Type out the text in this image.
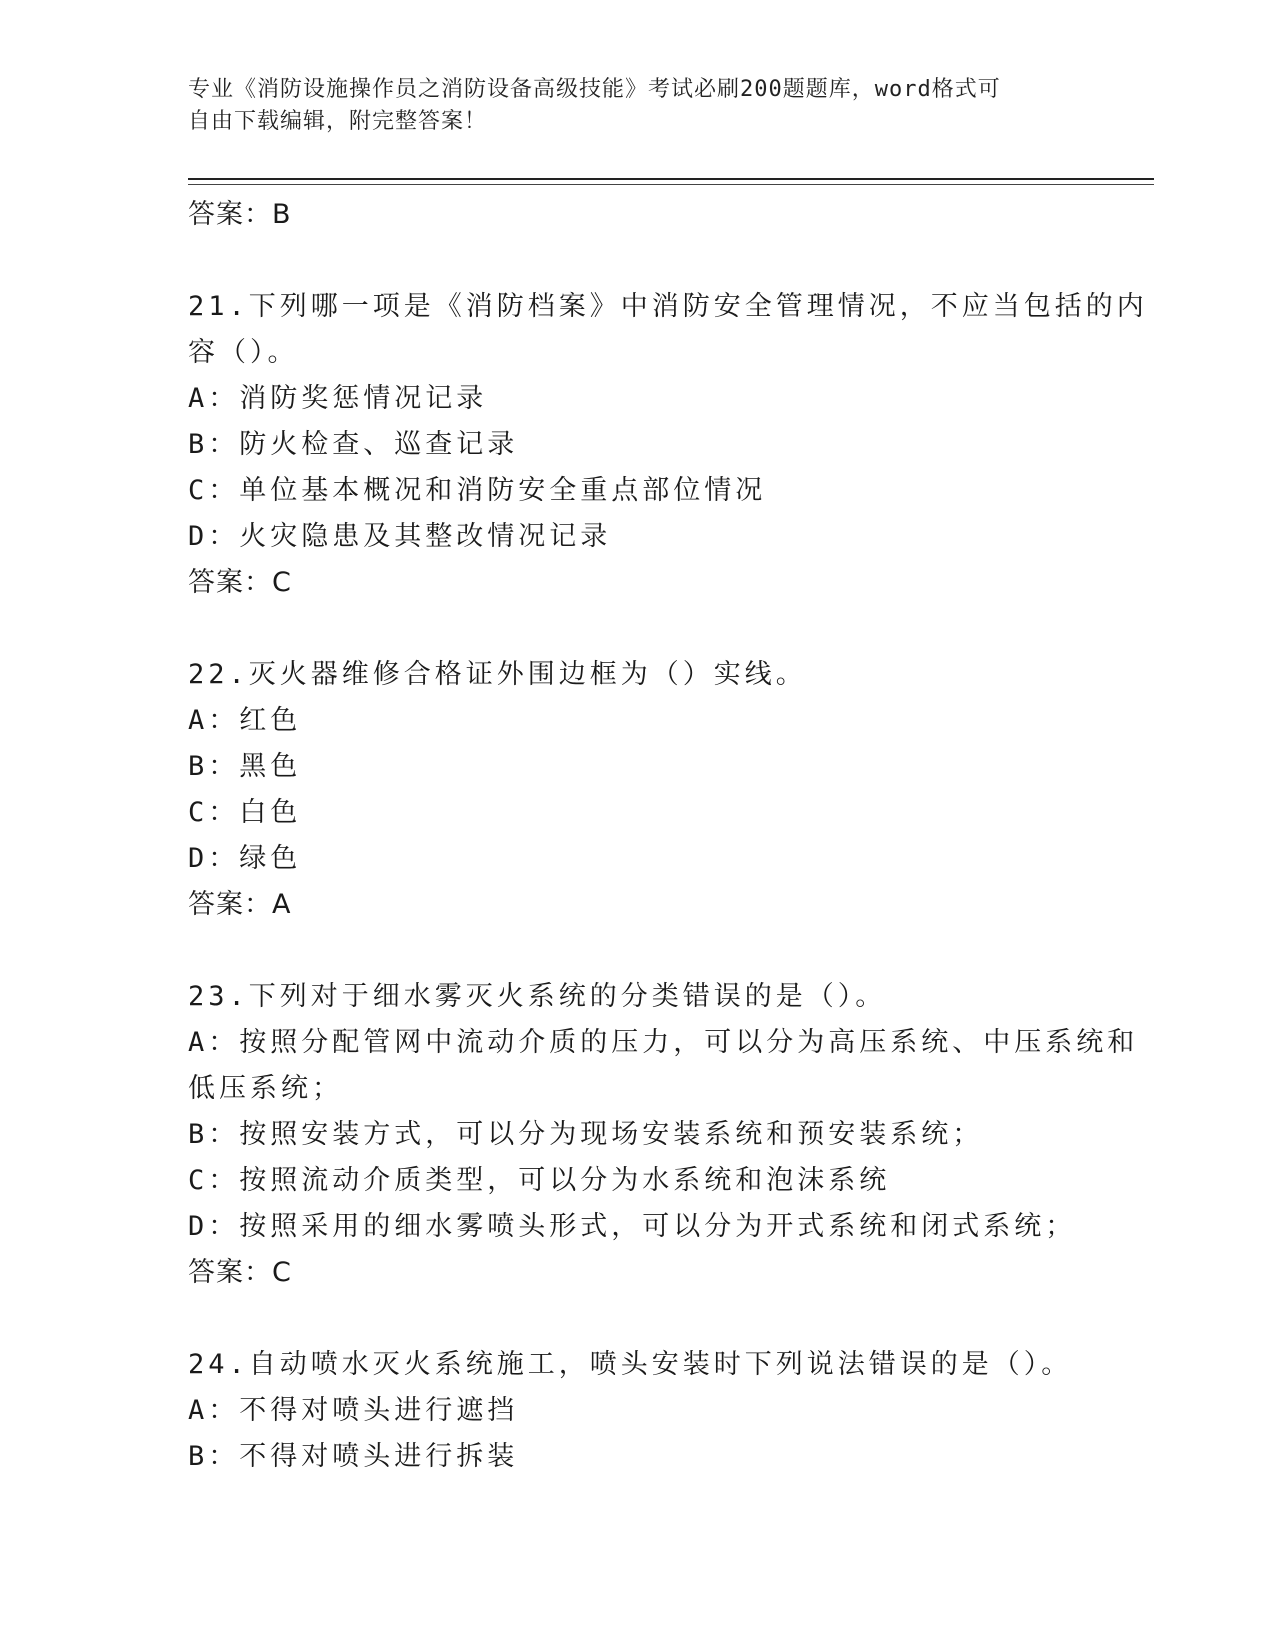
专业《消防设施操作员之消防设备高级技能》考试必刷200题题库，word格式可
自由下载编辑，附完整答案！
答案：B
21.下列哪一项是《消防档案》中消防安全管理情况，不应当包括的内
容（）。
A：消防奖惩情况记录
B：防火检查、巡查记录
C：单位基本概况和消防安全重点部位情况
D：火灾隐患及其整改情况记录
答案：C
22.灭火器维修合格证外围边框为（）实线。
A：红色
B：黑色
C：白色
D：绿色
答案：A
23.下列对于细水雾灭火系统的分类错误的是（）。
A：按照分配管网中流动介质的压力，可以分为高压系统、中压系统和
低压系统；
B：按照安装方式，可以分为现场安装系统和预安装系统；
C：按照流动介质类型，可以分为水系统和泡沫系统
D：按照采用的细水雾喷头形式，可以分为开式系统和闭式系统；
答案：C
24.自动喷水灭火系统施工，喷头安装时下列说法错误的是（）。
A：不得对喷头进行遮挡
B：不得对喷头进行拆装
